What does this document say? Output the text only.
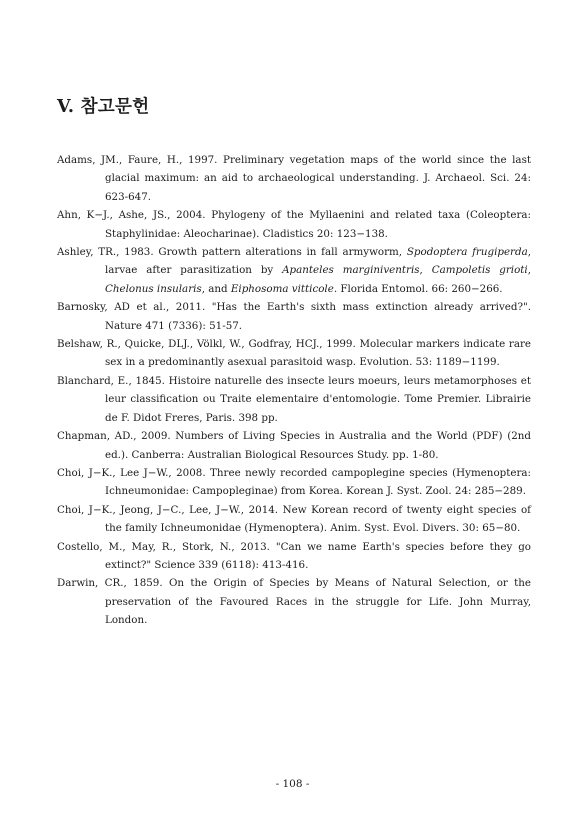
V. 참고문헌

Adams, JM., Faure, H., 1997. Preliminary vegetation maps of the world since the last glacial maximum: an aid to archaeological understanding. J. Archaeol. Sci. 24: 623-647.

Ahn, K−J., Ashe, JS., 2004. Phylogeny of the Myllaenini and related taxa (Coleoptera: Staphylinidae: Aleocharinae). Cladistics 20: 123−138.

Ashley, TR., 1983. Growth pattern alterations in fall armyworm, Spodoptera frugiperda, larvae after parasitization by Apanteles marginiventris, Campoletis grioti, Chelonus insularis, and Eiphosoma vitticole. Florida Entomol. 66: 260−266.

Barnosky, AD et al., 2011. "Has the Earth's sixth mass extinction already arrived?". Nature 471 (7336): 51-57.

Belshaw, R., Quicke, DLJ., Völkl, W., Godfray, HCJ., 1999. Molecular markers indicate rare sex in a predominantly asexual parasitoid wasp. Evolution. 53: 1189−1199.

Blanchard, E., 1845. Histoire naturelle des insecte leurs moeurs, leurs metamorphoses et leur classification ou Traite elementaire d'entomologie. Tome Premier. Librairie de F. Didot Freres, Paris. 398 pp.

Chapman, AD., 2009. Numbers of Living Species in Australia and the World (PDF) (2nd ed.). Canberra: Australian Biological Resources Study. pp. 1-80.

Choi, J−K., Lee J−W., 2008. Three newly recorded campoplegine species (Hymenoptera: Ichneumonidae: Campopleginae) from Korea. Korean J. Syst. Zool. 24: 285−289.

Choi, J−K., Jeong, J−C., Lee, J−W., 2014. New Korean record of twenty eight species of the family Ichneumonidae (Hymenoptera). Anim. Syst. Evol. Divers. 30: 65−80.

Costello, M., May, R., Stork, N., 2013. "Can we name Earth's species before they go extinct?" Science 339 (6118): 413-416.

Darwin, CR., 1859. On the Origin of Species by Means of Natural Selection, or the preservation of the Favoured Races in the struggle for Life. John Murray, London.

- 108 -
